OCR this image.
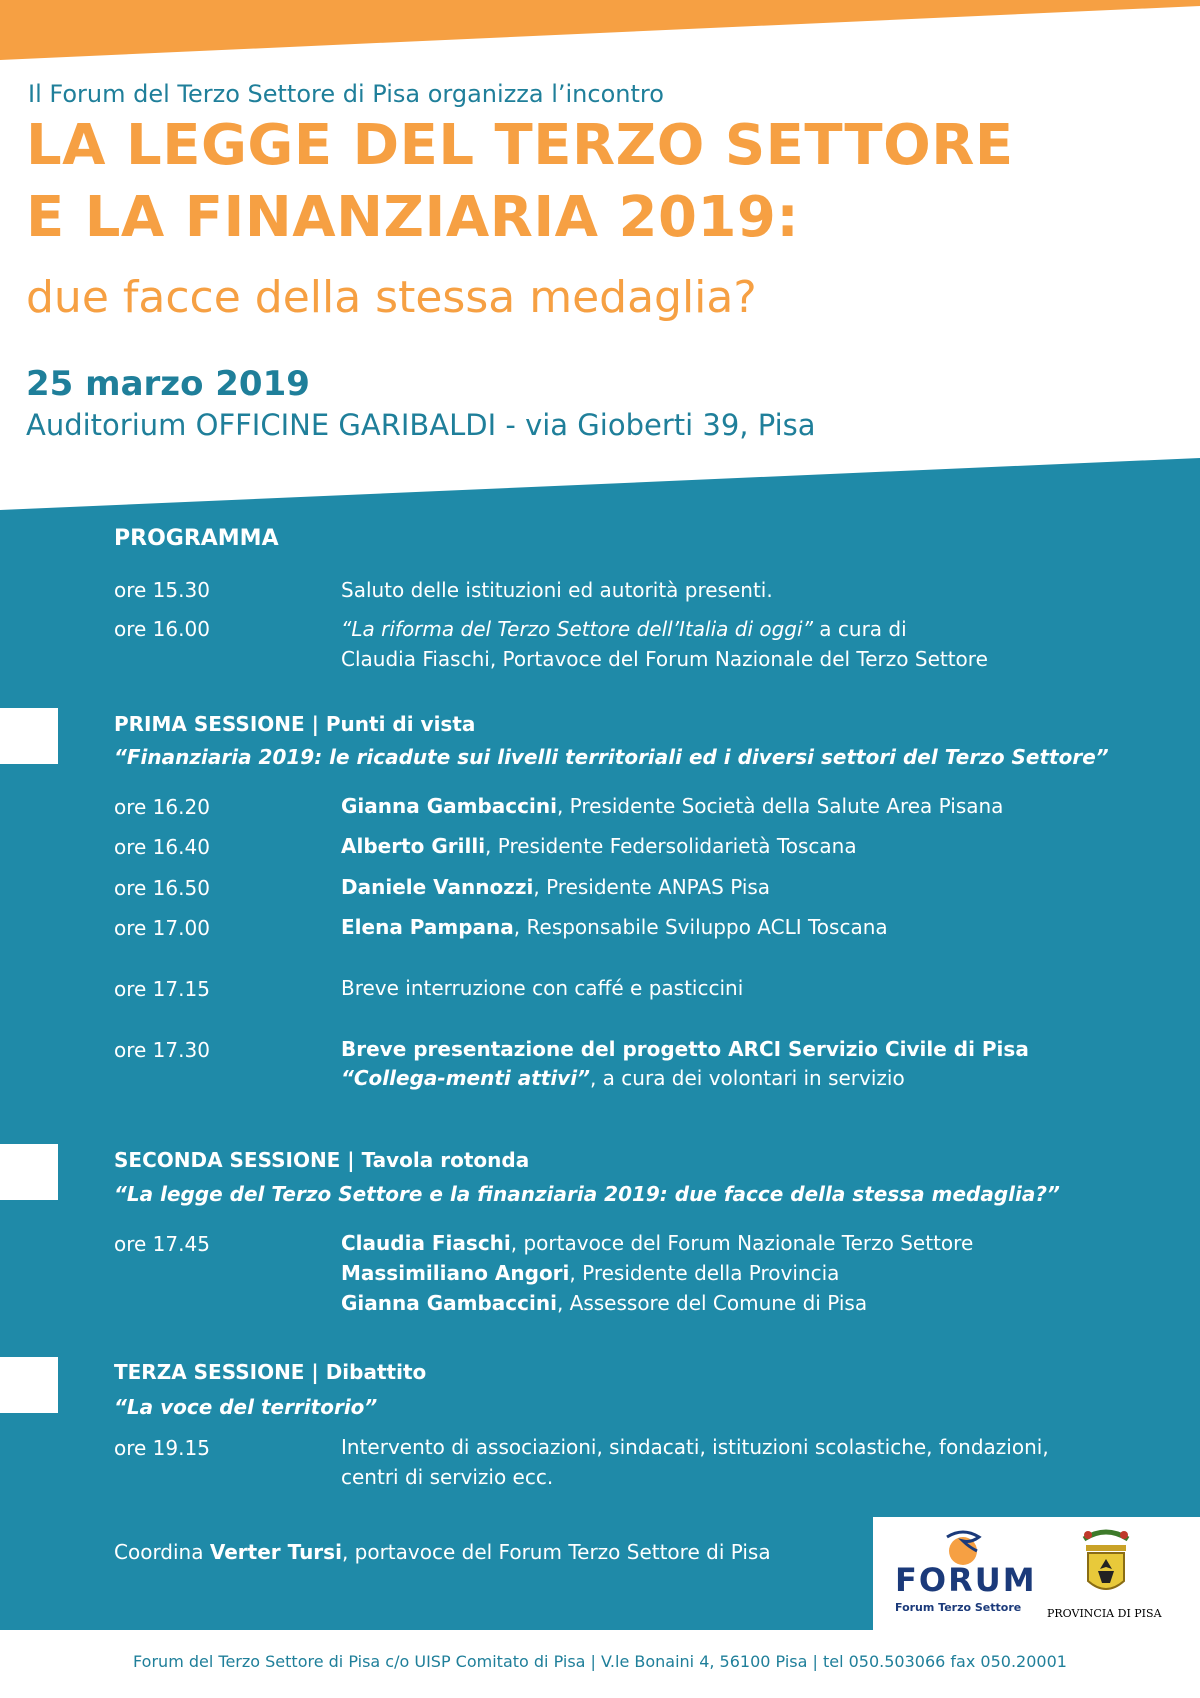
Il Forum del Terzo Settore di Pisa organizza l’incontro
LA LEGGE DEL TERZO SETTORE
E LA FINANZIARIA 2019:
due facce della stessa medaglia?
25 marzo 2019
Auditorium OFFICINE GARIBALDI - via Gioberti 39, Pisa
PROGRAMMA
ore 15.30	Saluto delle istituzioni ed autorità presenti.
ore 16.00	“La riforma del Terzo Settore dell’Italia di oggi” a cura di
Claudia Fiaschi, Portavoce del Forum Nazionale del Terzo Settore
PRIMA SESSIONE | Punti di vista
“Finanziaria 2019: le ricadute sui livelli territoriali ed i diversi settori del Terzo Settore”
ore 16.20	Gianna Gambaccini, Presidente Società della Salute Area Pisana
ore 16.40	Alberto Grilli, Presidente Federsolidarietà Toscana
ore 16.50	Daniele Vannozzi, Presidente ANPAS Pisa
ore 17.00	Elena Pampana, Responsabile Sviluppo ACLI Toscana
ore 17.15	Breve interruzione con caffé e pasticcini
ore 17.30	Breve presentazione del progetto ARCI Servizio Civile di Pisa
“Collega-menti attivi”, a cura dei volontari in servizio
SECONDA SESSIONE | Tavola rotonda
“La legge del Terzo Settore e la finanziaria 2019: due facce della stessa medaglia?”
ore 17.45	Claudia Fiaschi, portavoce del Forum Nazionale Terzo Settore
Massimiliano Angori, Presidente della Provincia
Gianna Gambaccini, Assessore del Comune di Pisa
TERZA SESSIONE | Dibattito
“La voce del territorio”
ore 19.15	Intervento di associazioni, sindacati, istituzioni scolastiche, fondazioni,
centri di servizio ecc.
Coordina Verter Tursi, portavoce del Forum Terzo Settore di Pisa
FORUM
Forum Terzo Settore PROVINCIA DI PISA
Forum del Terzo Settore di Pisa c/o UISP Comitato di Pisa | V.le Bonaini 4, 56100 Pisa | tel 050.503066 fax 050.20001
